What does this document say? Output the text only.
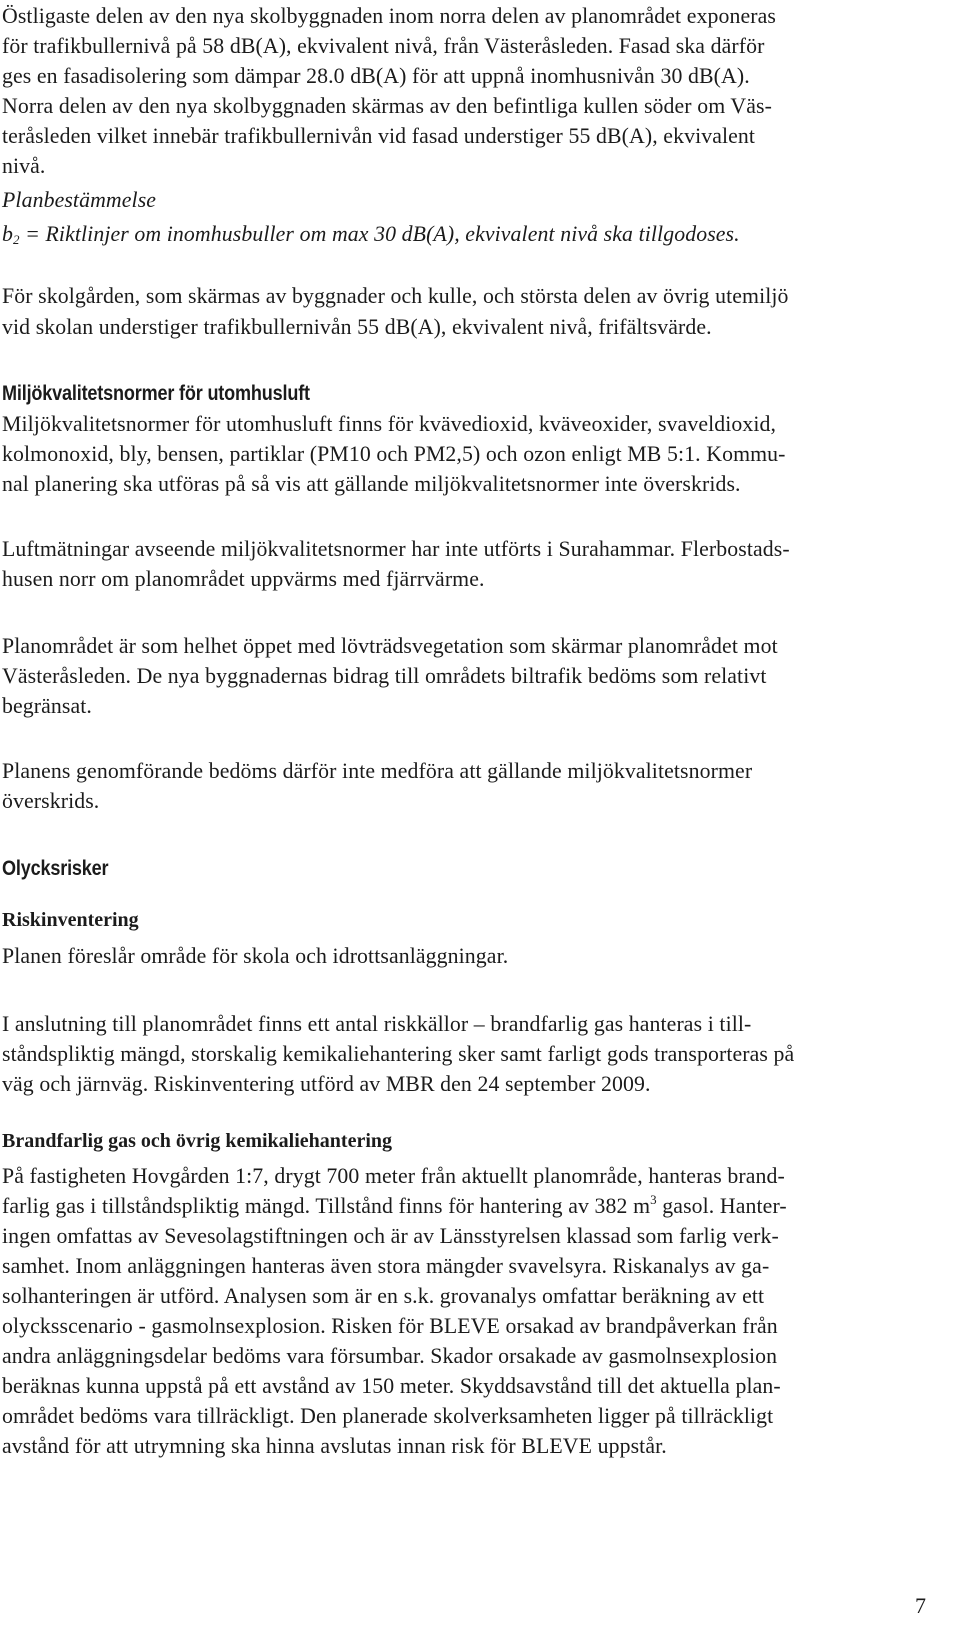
Östligaste delen av den nya skolbyggnaden inom norra delen av planområdet exponeras
för trafikbullernivå på 58 dB(A), ekvivalent nivå, från Västeråsleden. Fasad ska därför
ges en fasadisolering som dämpar 28.0 dB(A) för att uppnå inomhusnivån 30 dB(A).
Norra delen av den nya skolbyggnaden skärmas av den befintliga kullen söder om Väs-
teråsleden vilket innebär trafikbullernivån vid fasad understiger 55 dB(A), ekvivalent
nivå.
Planbestämmelse
$b_2$ = Riktlinjer om inomhusbuller om max 30 dB(A), ekvivalent nivå ska tillgodoses.
För skolgården, som skärmas av byggnader och kulle, och största delen av övrig utemiljö
vid skolan understiger trafikbullernivån 55 dB(A), ekvivalent nivå, frifältsvärde.
Miljökvalitetsnormer för utomhusluft
Miljökvalitetsnormer för utomhusluft finns för kvävedioxid, kväveoxider, svaveldioxid,
kolmonoxid, bly, bensen, partiklar (PM10 och PM2,5) och ozon enligt MB 5:1. Kommu-
nal planering ska utföras på så vis att gällande miljökvalitetsnormer inte överskrids.
Luftmätningar avseende miljökvalitetsnormer har inte utförts i Surahammar. Flerbostads-
husen norr om planområdet uppvärms med fjärrvärme.
Planområdet är som helhet öppet med lövträdsvegetation som skärmar planområdet mot
Västeråsleden. De nya byggnadernas bidrag till områdets biltrafik bedöms som relativt
begränsat.
Planens genomförande bedöms därför inte medföra att gällande miljökvalitetsnormer
överskrids.
Olycksrisker
Riskinventering
Planen föreslår område för skola och idrottsanläggningar.
I anslutning till planområdet finns ett antal riskkällor – brandfarlig gas hanteras i till-
ståndspliktig mängd, storskalig kemikaliehantering sker samt farligt gods transporteras på
väg och järnväg. Riskinventering utförd av MBR den 24 september 2009.
Brandfarlig gas och övrig kemikaliehantering
På fastigheten Hovgården 1:7, drygt 700 meter från aktuellt planområde, hanteras brand-
farlig gas i tillståndspliktig mängd. Tillstånd finns för hantering av 382 $m^3$ gasol. Hanter-
ingen omfattas av Sevesolagstiftningen och är av Länsstyrelsen klassad som farlig verk-
samhet. Inom anläggningen hanteras även stora mängder svavelsyra. Riskanalys av ga-
solhanteringen är utförd. Analysen som är en s.k. grovanalys omfattar beräkning av ett
olycksscenario - gasmolnsexplosion. Risken för BLEVE orsakad av brandpåverkan från
andra anläggningsdelar bedöms vara försumbar. Skador orsakade av gasmolnsexplosion
beräknas kunna uppstå på ett avstånd av 150 meter. Skyddsavstånd till det aktuella plan-
området bedöms vara tillräckligt. Den planerade skolverksamheten ligger på tillräckligt
avstånd för att utrymning ska hinna avslutas innan risk för BLEVE uppstår.
7
